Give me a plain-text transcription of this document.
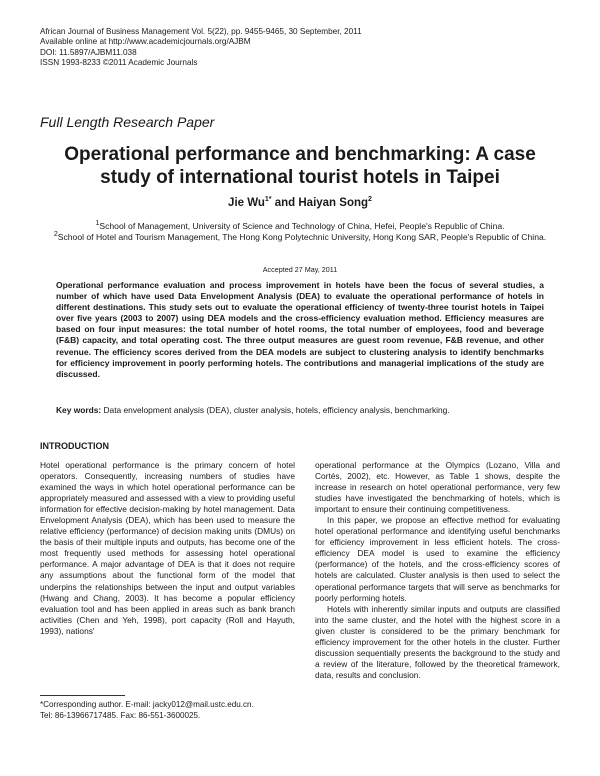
African Journal of Business Management Vol. 5(22), pp. 9455-9465, 30 September, 2011
Available online at http://www.academicjournals.org/AJBM
DOI: 11.5897/AJBM11.038
ISSN 1993-8233 ©2011 Academic Journals
Full Length Research Paper
Operational performance and benchmarking: A case study of international tourist hotels in Taipei
Jie $Wu^{1*}$ and Haiyan Song$^2$
$^1$School of Management, University of Science and Technology of China, Hefei, People's Republic of China.
$^2$School of Hotel and Tourism Management, The Hong Kong Polytechnic University, Hong Kong SAR, People's Republic of China.
Accepted 27 May, 2011
Operational performance evaluation and process improvement in hotels have been the focus of several studies, a number of which have used Data Envelopment Analysis (DEA) to evaluate the operational performance of hotels in different destinations. This study sets out to evaluate the operational efficiency of twenty-three tourist hotels in Taipei over five years (2003 to 2007) using DEA models and the cross-efficiency evaluation method. Efficiency measures are based on four input measures: the total number of hotel rooms, the total number of employees, food and beverage (F&B) capacity, and total operating cost. The three output measures are guest room revenue, F&B revenue, and other revenue. The efficiency scores derived from the DEA models are subject to clustering analysis to identify benchmarks for efficiency improvement in poorly performing hotels. The contributions and managerial implications of the study are discussed.
Key words: Data envelopment analysis (DEA), cluster analysis, hotels, efficiency analysis, benchmarking.
INTRODUCTION

Hotel operational performance is the primary concern of hotel operators. Consequently, increasing numbers of studies have examined the ways in which hotel operational performance can be appropriately measured and assessed with a view to providing useful information for effective decision-making by hotel management. Data Envelopment Analysis (DEA), which has been used to measure the relative efficiency (performance) of decision making units (DMUs) on the basis of their multiple inputs and outputs, has become one of the most frequently used methods for assessing hotel operational performance. A major advantage of DEA is that it does not require any assumptions about the functional form of the model that underpins the relationships between the input and output variables (Hwang and Chang, 2003). It has become a popular efficiency evaluation tool and has been applied in areas such as bank branch activities (Chen and Yeh, 1998), port capacity (Roll and Hayuth, 1993), nations'

operational performance at the Olympics (Lozano, Villa and Cortés, 2002), etc. However, as Table 1 shows, despite the increase in research on hotel operational performance, very few studies have investigated the benchmarking of hotels, which is important to ensure their continuing competitiveness.

In this paper, we propose an effective method for evaluating hotel operational performance and identifying useful benchmarks for efficiency improvement in less efficient hotels. The cross-efficiency DEA model is used to examine the efficiency (performance) of the hotels, and the cross-efficiency scores of hotels are calculated. Cluster analysis is then used to select the operational performance targets that will serve as benchmarks for poorly performing hotels.

Hotels with inherently similar inputs and outputs are classified into the same cluster, and the hotel with the highest score in a given cluster is considered to be the primary benchmark for efficiency improvement for the other hotels in the cluster. Further discussion sequentially presents the background to the study and a review of the literature, followed by the theoretical framework, data, results and conclusion.

*Corresponding author. E-mail: jacky012@mail.ustc.edu.cn.
Tel: 86-13966717485. Fax: 86-551-3600025.
